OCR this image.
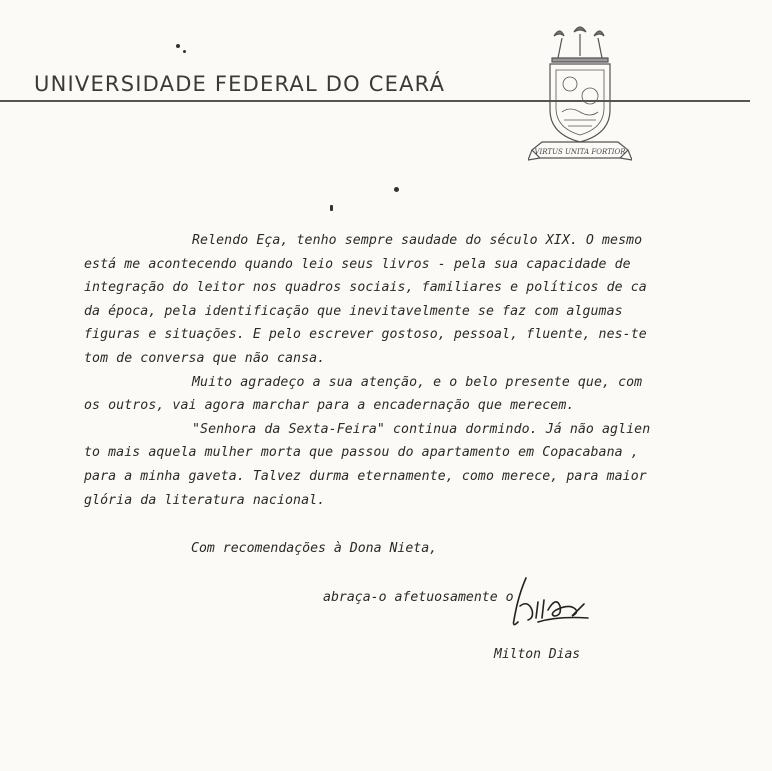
UNIVERSIDADE FEDERAL DO CEARÁ
VIRTUS UNITA FORTIOR
Relendo Eça, tenho sempre saudade do século XIX. O mesmo
está me acontecendo quando leio seus livros - pela sua capacidade de
integração do leitor nos quadros sociais, familiares e políticos de ca
da época, pela identificação que inevitavelmente se faz com algumas
figuras e situações. E pelo escrever gostoso, pessoal, fluente, nes-te
tom de conversa que não cansa.
Muito agradeço a sua atenção, e o belo presente que, com
os outros, vai agora marchar para a encadernação que merecem.
"Senhora da Sexta-Feira" continua dormindo. Já não aglien
to mais aquela mulher morta que passou do apartamento em Copacabana ,
para a minha gaveta. Talvez durma eternamente, como merece, para maior
glória da literatura nacional.
Com recomendações à Dona Nieta,
abraça-o afetuosamente o
Milton Dias
